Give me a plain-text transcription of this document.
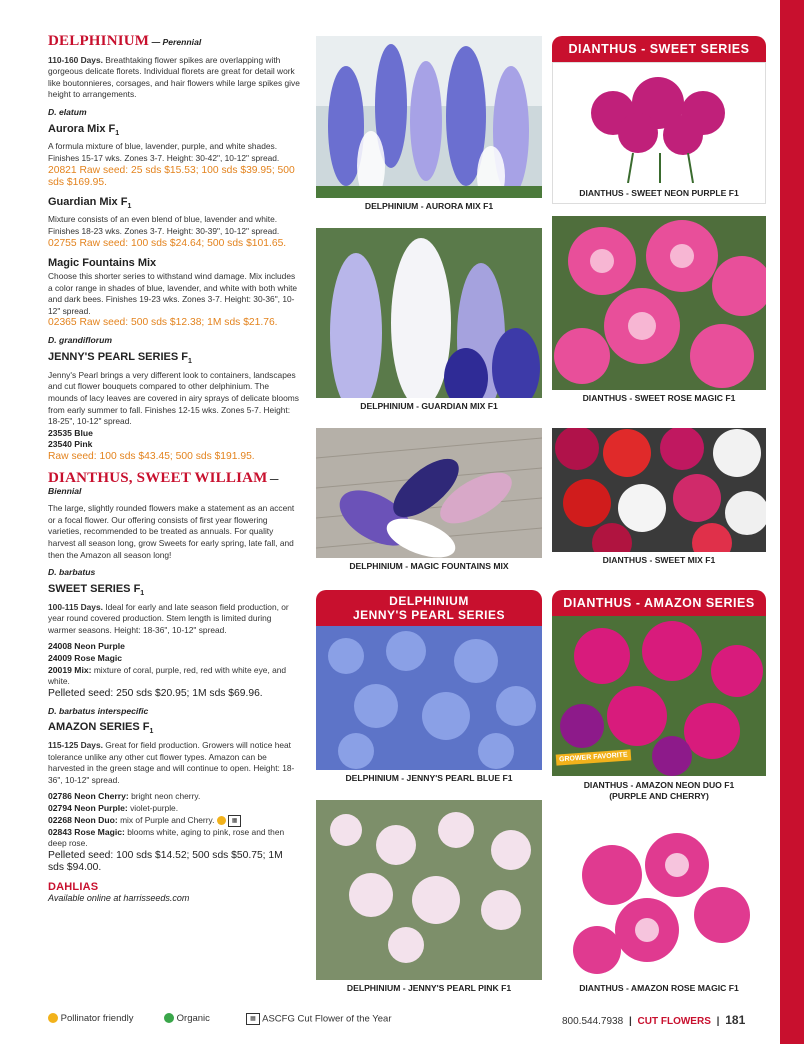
DELPHINIUM — Perennial
110-160 Days. Breathtaking flower spikes are overlapping with gorgeous delicate florets. Individual florets are great for detail work like boutonnieres, corsages, and hair flowers while large spikes give height to arrangements.
D. elatum
Aurora Mix $F_1$
A formula mixture of blue, lavender, purple, and white shades. Finishes 15-17 wks. Zones 3-7. Height: 30-42", 10-12" spread.
20821 Raw seed: 25 sds $15.53; 100 sds $39.95; 500 sds $169.95.
Guardian Mix $F_1$
Mixture consists of an even blend of blue, lavender and white. Finishes 18-23 wks. Zones 3-7. Height: 30-39", 10-12" spread.
02755 Raw seed: 100 sds $24.64; 500 sds $101.65.
Magic Fountains Mix
Choose this shorter series to withstand wind damage. Mix includes a color range in shades of blue, lavender, and white with both white and dark bees. Finishes 19-23 wks. Zones 3-7. Height: 30-36", 10-12" spread.
02365 Raw seed: 500 sds $12.38; 1M sds $21.76.
D. grandiflorum
JENNY'S PEARL SERIES $F_1$
Jenny's Pearl brings a very different look to containers, landscapes and cut flower bouquets compared to other delphinium. The mounds of lacy leaves are covered in airy sprays of delicate blooms from early summer to fall. Finishes 12-15 wks. Zones 5-7. Height: 18-25", 10-12" spread.
23535 Blue
23540 Pink
Raw seed: 100 sds $43.45; 500 sds $191.95.
DIANTHUS, SWEET WILLIAM — Biennial
The large, slightly rounded flowers make a statement as an accent or a focal flower. Our offering consists of first year flowering varieties, recommended to be treated as annuals. For quality harvest all season long, grow Sweets for early spring, late fall, and then the Amazon all season long!
D. barbatus
SWEET SERIES $F_1$
100-115 Days. Ideal for early and late season field production, or year round covered production. Stem length is limited during warmer seasons. Height: 18-36", 10-12" spread.
24008 Neon Purple
24009 Rose Magic
20019 Mix: mixture of coral, purple, red, red with white eye, and white.
Pelleted seed: 250 sds $20.95; 1M sds $69.96.
D. barbatus interspecific
AMAZON SERIES $F_1$
115-125 Days. Great for field production. Growers will notice heat tolerance unlike any other cut flower types. Amazon can be harvested in the green stage and will continue to open. Height: 18-36", 10-12" spread.
02786 Neon Cherry: bright neon cherry.
02794 Neon Purple: violet-purple.
02268 Neon Duo: mix of Purple and Cherry.	▦
02843 Rose Magic: blooms white, aging to pink, rose and then deep rose.
Pelleted seed: 100 sds $14.52; 500 sds $50.75; 1M sds $94.00.
DAHLIAS
Available online at harrisseeds.com
DELPHINIUM - AURORA MIX F1
DELPHINIUM - GUARDIAN MIX F1
DELPHINIUM - MAGIC FOUNTAINS MIX
DELPHINIUM
JENNY'S PEARL SERIES
DELPHINIUM - JENNY'S PEARL BLUE F1
DELPHINIUM - JENNY'S PEARL PINK F1
DIANTHUS - SWEET SERIES
DIANTHUS - SWEET NEON PURPLE F1
DIANTHUS - SWEET ROSE MAGIC F1
DIANTHUS - SWEET MIX F1
DIANTHUS - AMAZON SERIES
GROWER FAVORITE
DIANTHUS - AMAZON NEON DUO F1
(PURPLE AND CHERRY)
DIANTHUS - AMAZON ROSE MAGIC F1
Pollinator friendly	Organic	▦ ASCFG Cut Flower of the Year	800.544.7938 | CUT FLOWERS | 181
